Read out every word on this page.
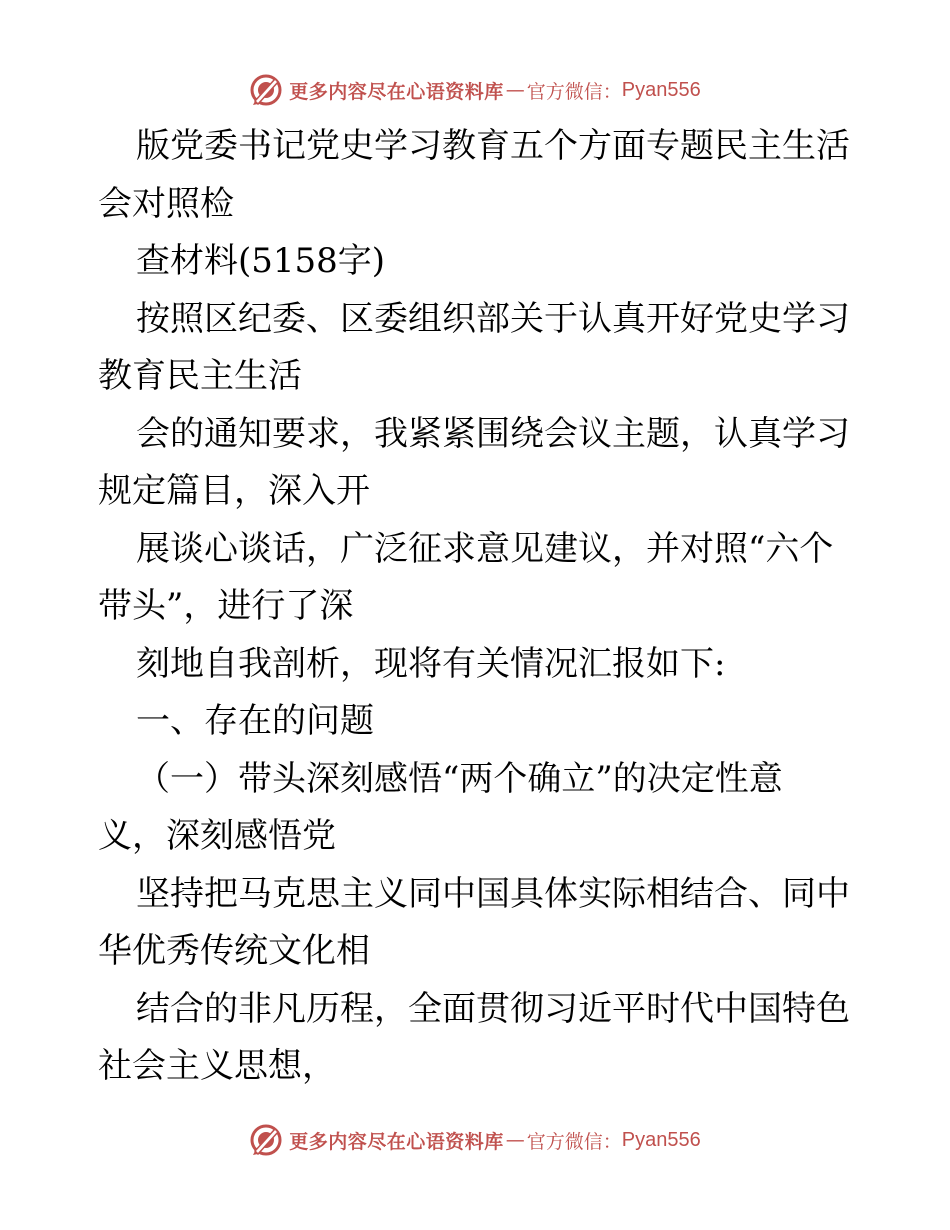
更多内容尽在心语资料库 — 官方微信： Pyan556
版党委书记党史学习教育五个方面专题民主生活
会对照检
查材料(5158字)
按照区纪委、区委组织部关于认真开好党史学习
教育民主生活
会的通知要求，我紧紧围绕会议主题，认真学习
规定篇目，深入开
展谈心谈话，广泛征求意见建议，并对照“六个
带头”，进行了深
刻地自我剖析，现将有关情况汇报如下:
一、存在的问题
（一）带头深刻感悟“两个确立”的决定性意
义，深刻感悟党
坚持把马克思主义同中国具体实际相结合、同中
华优秀传统文化相
结合的非凡历程，全面贯彻习近平时代中国特色
社会主义思想，
更多内容尽在心语资料库 — 官方微信： Pyan556
